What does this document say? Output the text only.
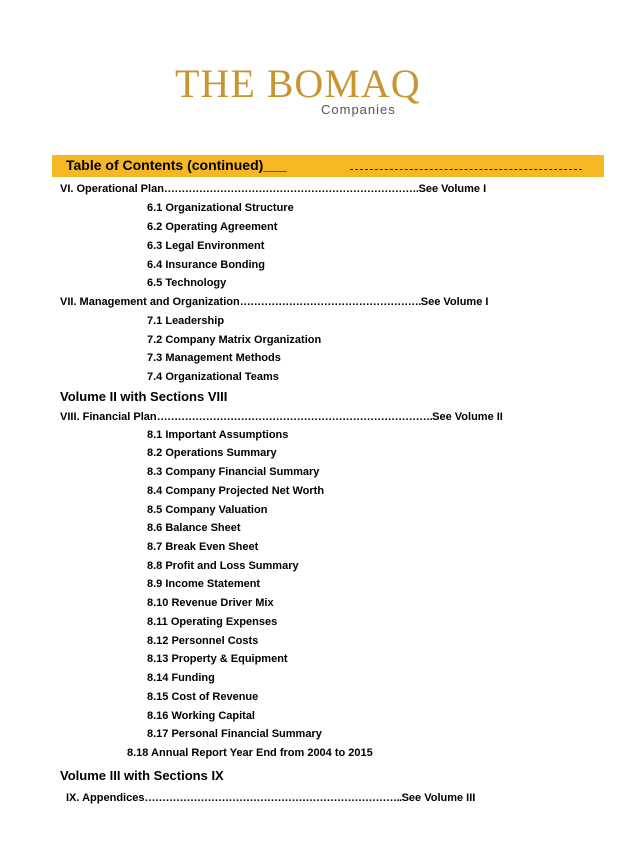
THE BOMAQ
Companies
Table of Contents (continued)___
VI. Operational Plan ………………………………………………………………. See Volume I
6.1 Organizational Structure
6.2 Operating Agreement
6.3 Legal Environment
6.4 Insurance Bonding
6.5 Technology
VII. Management and Organization ……………………………………………. See Volume I
7.1 Leadership
7.2 Company Matrix Organization
7.3 Management Methods
7.4 Organizational Teams
Volume II with Sections VIII
VIII. Financial Plan ……………………………………………………………………. See Volume II
8.1 Important Assumptions
8.2 Operations Summary
8.3 Company Financial Summary
8.4 Company Projected Net Worth
8.5 Company Valuation
8.6 Balance Sheet
8.7 Break Even Sheet
8.8 Profit and Loss Summary
8.9 Income Statement
8.10 Revenue Driver Mix
8.11 Operating Expenses
8.12 Personnel Costs
8.13 Property & Equipment
8.14 Funding
8.15 Cost of Revenue
8.16 Working Capital
8.17 Personal Financial Summary
8.18 Annual Report Year End from 2004 to 2015
Volume III with Sections IX
IX. Appendices ……………………………………………………………….. See Volume III
